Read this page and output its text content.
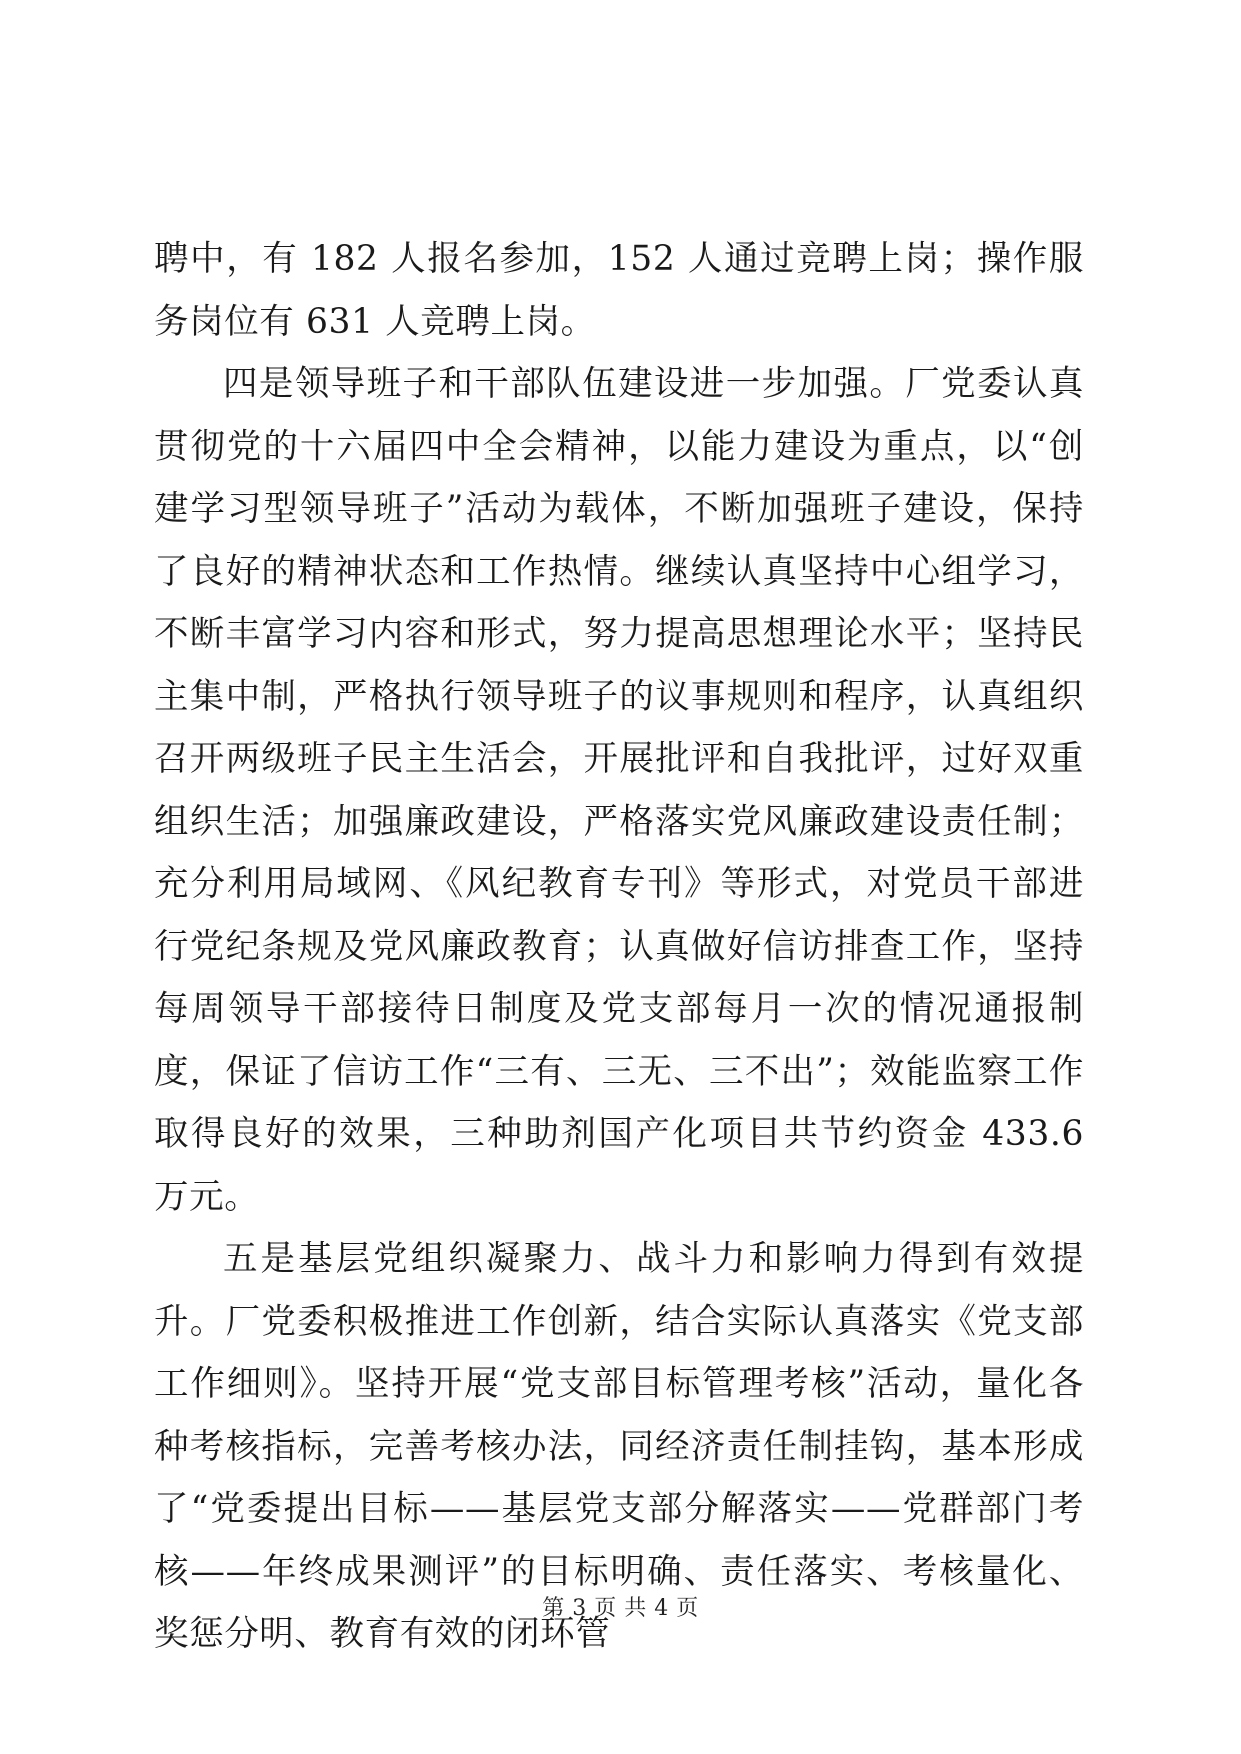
聘中，有 182 人报名参加，152 人通过竞聘上岗；操作服务岗位有 631 人竞聘上岗。

四是领导班子和干部队伍建设进一步加强。厂党委认真贯彻党的十六届四中全会精神，以能力建设为重点，以“创建学习型领导班子”活动为载体，不断加强班子建设，保持了良好的精神状态和工作热情。继续认真坚持中心组学习，不断丰富学习内容和形式，努力提高思想理论水平；坚持民主集中制，严格执行领导班子的议事规则和程序，认真组织召开两级班子民主生活会，开展批评和自我批评，过好双重组织生活；加强廉政建设，严格落实党风廉政建设责任制；充分利用局域网、《风纪教育专刊》等形式，对党员干部进行党纪条规及党风廉政教育；认真做好信访排查工作，坚持每周领导干部接待日制度及党支部每月一次的情况通报制度，保证了信访工作“三有、三无、三不出”；效能监察工作取得良好的效果，三种助剂国产化项目共节约资金 433.6 万元。

五是基层党组织凝聚力、战斗力和影响力得到有效提升。厂党委积极推进工作创新，结合实际认真落实《党支部工作细则》。坚持开展“党支部目标管理考核”活动，量化各种考核指标，完善考核办法，同经济责任制挂钩，基本形成了“党委提出目标——基层党支部分解落实——党群部门考核——年终成果测评”的目标明确、责任落实、考核量化、奖惩分明、教育有效的闭环管

第 3 页 共 4 页
